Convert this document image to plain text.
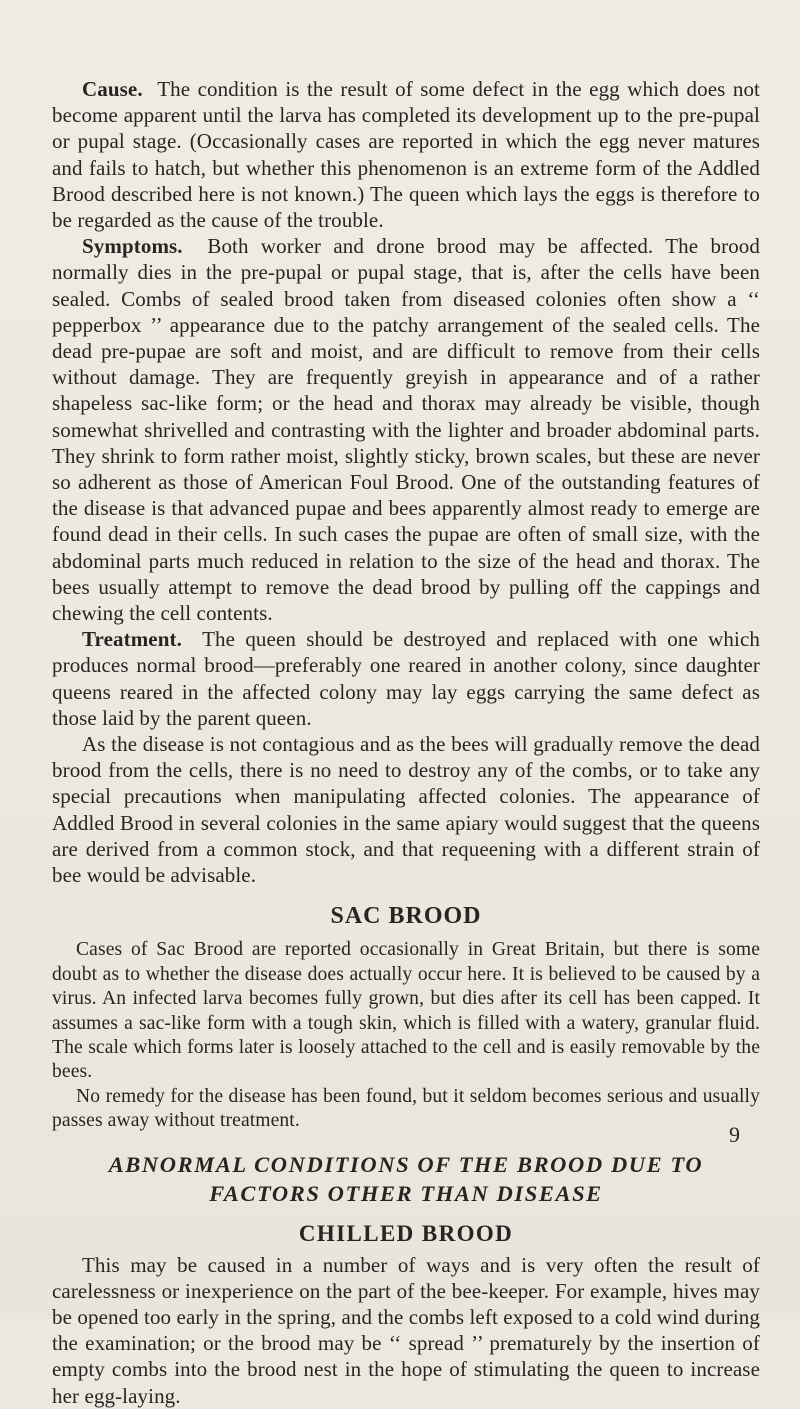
Cause. The condition is the result of some defect in the egg which does not become apparent until the larva has completed its development up to the pre-pupal or pupal stage. (Occasionally cases are reported in which the egg never matures and fails to hatch, but whether this phenomenon is an extreme form of the Addled Brood described here is not known.) The queen which lays the eggs is therefore to be regarded as the cause of the trouble.

Symptoms. Both worker and drone brood may be affected. The brood normally dies in the pre-pupal or pupal stage, that is, after the cells have been sealed. Combs of sealed brood taken from diseased colonies often show a ‘‘ pepperbox ’’ appearance due to the patchy arrangement of the sealed cells. The dead pre-pupae are soft and moist, and are difficult to remove from their cells without damage. They are frequently greyish in appearance and of a rather shapeless sac-like form; or the head and thorax may already be visible, though somewhat shrivelled and contrasting with the lighter and broader abdominal parts. They shrink to form rather moist, slightly sticky, brown scales, but these are never so adherent as those of American Foul Brood. One of the outstanding features of the disease is that advanced pupae and bees apparently almost ready to emerge are found dead in their cells. In such cases the pupae are often of small size, with the abdominal parts much reduced in relation to the size of the head and thorax. The bees usually attempt to remove the dead brood by pulling off the cappings and chewing the cell contents.

Treatment. The queen should be destroyed and replaced with one which produces normal brood—preferably one reared in another colony, since daughter queens reared in the affected colony may lay eggs carrying the same defect as those laid by the parent queen.

As the disease is not contagious and as the bees will gradually remove the dead brood from the cells, there is no need to destroy any of the combs, or to take any special precautions when manipulating affected colonies. The appearance of Addled Brood in several colonies in the same apiary would suggest that the queens are derived from a common stock, and that requeening with a different strain of bee would be advisable.

SAC BROOD

Cases of Sac Brood are reported occasionally in Great Britain, but there is some doubt as to whether the disease does actually occur here. It is believed to be caused by a virus. An infected larva becomes fully grown, but dies after its cell has been capped. It assumes a sac-like form with a tough skin, which is filled with a watery, granular fluid. The scale which forms later is loosely attached to the cell and is easily removable by the bees.

No remedy for the disease has been found, but it seldom becomes serious and usually passes away without treatment.

ABNORMAL CONDITIONS OF THE BROOD DUE TO
FACTORS OTHER THAN DISEASE
CHILLED BROOD

This may be caused in a number of ways and is very often the result of carelessness or inexperience on the part of the bee-keeper. For example, hives may be opened too early in the spring, and the combs left exposed to a cold wind during the examination; or the brood may be ‘‘ spread ’’ prematurely by the insertion of empty combs into the brood nest in the hope of stimulating the queen to increase her egg-laying.

9
